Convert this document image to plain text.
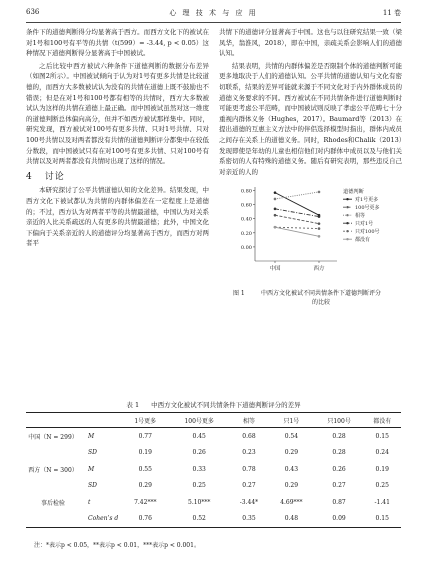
636	心 理 技 术 与 应 用	11 卷

条件下的道德判断得分均显著高于西方。而西方文化下的被试在对1号和100号有平等的共情（t(599）= -3.44, p < 0.05）这种情况下道德判断得分显著高于中国被试。

之后比较中西方被试六种条件下道德判断的数据分布差异（如图2所示）。中国被试倾向于认为对1号有更多共情是比较道德的，而西方大多数被试认为没有的共情在道德上既不鼓励也不错误；但是在对1号和100号都有相等的共情时，西方大多数被试认为这样的共情在道德上最正确。而中国被试虽然对这一维度的道德判断总体偏向高分，但并不如西方被试那样集中。同时，研究发现，西方被试对100号有更多共情、只对1号共情、只对100号共情以及对两者都没有共情的道德判断评分都集中在较低分数段，而中国被试只有在对100号有更多共情、只对100号有共情以及对两者都没有共情时出现了这样的情况。

4 讨论

本研究探讨了公平共情道德认知的文化差异。结果发现，中西方文化下被试都认为共情的内群体偏差在一定程度上是道德的；不过，西方认为对两者平等的共情最道德，中国认为对关系亲近的人比关系疏远的人有更多的共情最道德；此外，中国文化下偏向于关系亲近的人的道德评分均显著高于西方，而西方对两者平

共情下的道德评分显著高于中国。这也与以往研究结果一致（梁凤华，翁淮风，2018），即在中国，亲疏关系会影响人们的道德认知。

结果表明，共情的内群体偏差是否限制个体的道德判断可能更多地取决于人们的道德认知。公平共情的道德认知与文化有密切联系，结果的差异可能就来源于不同文化对于内外群体成员的道德义务要求的不同。西方被试在不同共情条件进行道德判断时可能更考虑公平范畴，而中国被试则反映了孝虑公平范畴七十分重视内群体义务（Hughes，2017）。Baumard等（2013）在提出道德的互惠主义方法中的伴侣选择模型时指出，群体内成员之间存在关系上的道德义务。同时，Rhodes和Chalik（2013）发现即使是年幼的儿童也相信他们对内群体中成员以及与他们关系密切的人有特殊的道德义务。随后有研究表明，那些违反自己对亲近的人的

0.80
0.60
0.40
0.20
0.00
中国	西方
道德判断
对1号更多
100号更多
相等
只对1号
只对100号
都没有
图 1	中西方文化被试不同共情条件下道德判断评分的比较
表 1 中西方文化被试不同共情条件下道德判断评分的差异
		1号更多	100号更多	相等	只1号	只100号	都没有
中国（N = 299）	M	0.77	0.45	0.68	0.54	0.28	0.15
	SD	0.19	0.26	0.23	0.29	0.28	0.24
西方（N = 300）	M	0.55	0.33	0.78	0.43	0.26	0.19
	SD	0.29	0.25	0.27	0.29	0.27	0.25
事后检验	t	7.42***	5.10***	-3.44*	4.69***	0.87	-1.41
	Cohen’s d	0.76	0.52	0.35	0.48	0.09	0.15
注：*表示p < 0.05，**表示p < 0.01，***表示p < 0.001。
